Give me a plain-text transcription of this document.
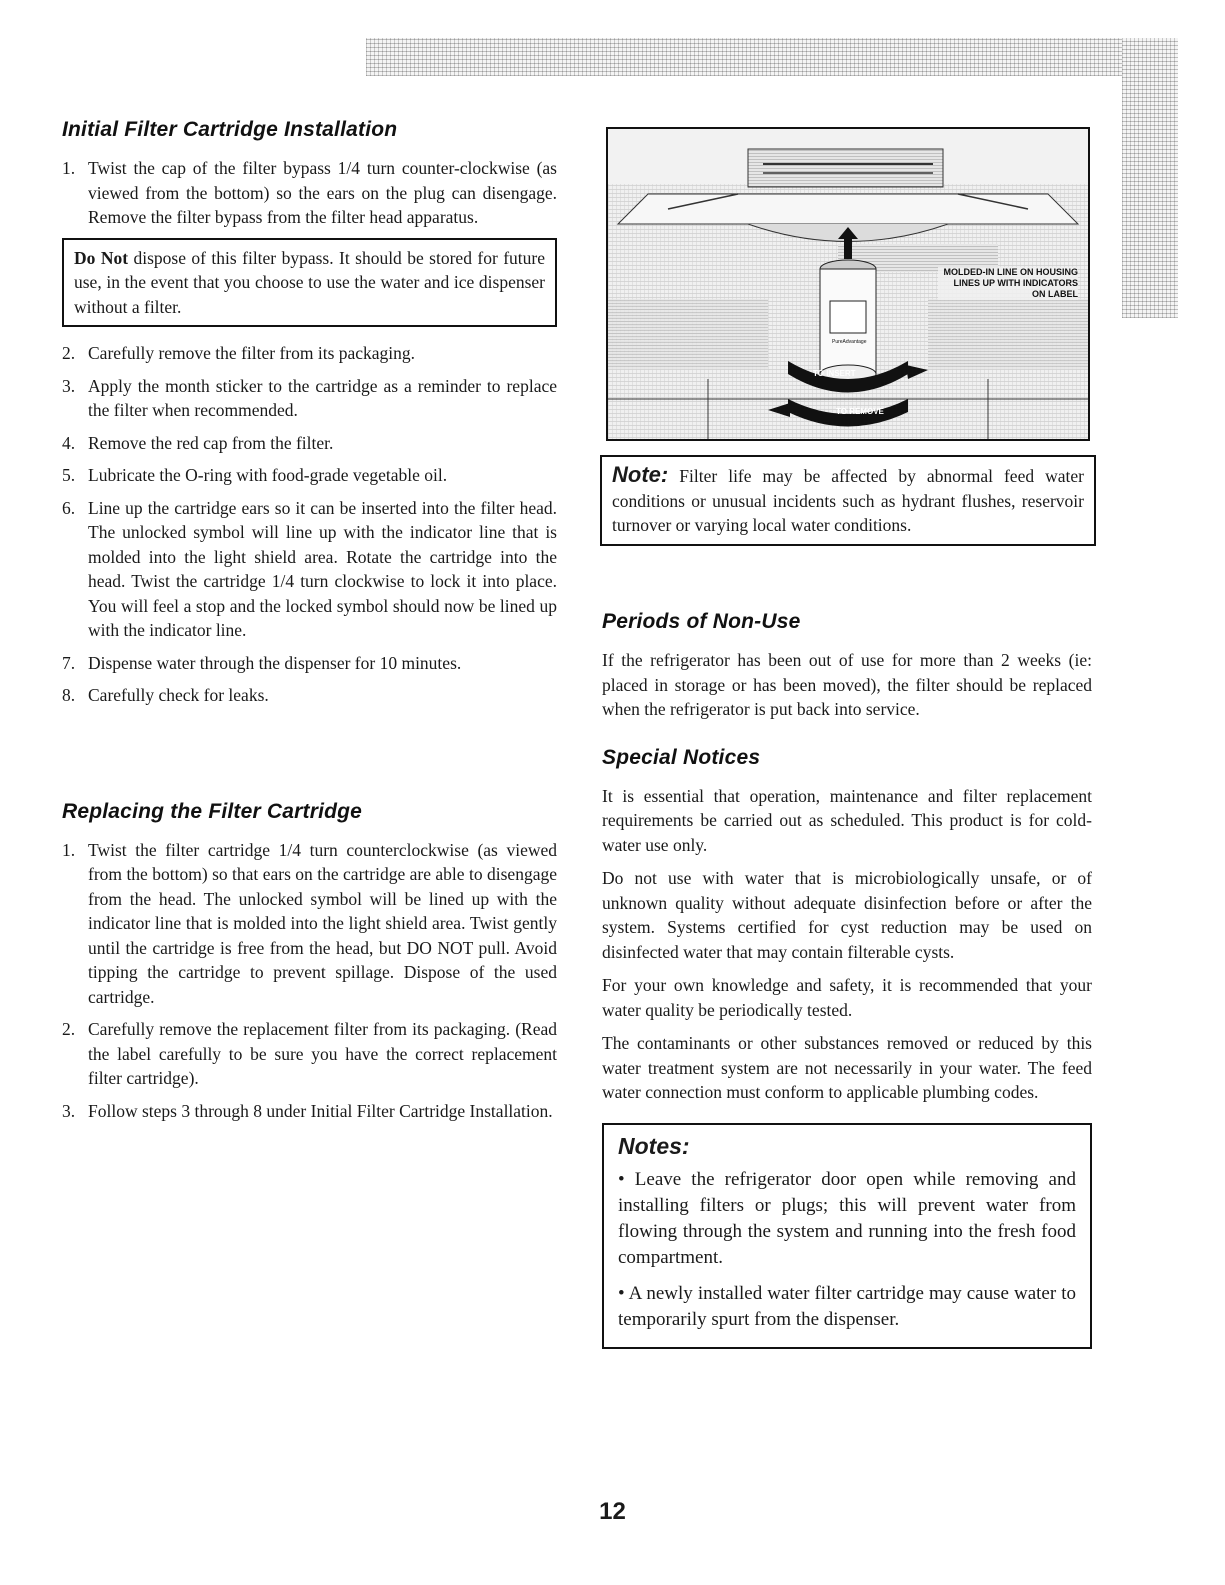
Initial Filter Cartridge Installation
1. Twist the cap of the filter bypass 1/4 turn counter-clockwise (as viewed from the bottom) so the ears on the plug can disengage. Remove the filter bypass from the filter head apparatus.
Do Not dispose of this filter bypass. It should be stored for future use, in the event that you choose to use the water and ice dispenser without a filter.
2. Carefully remove the filter from its packaging.
3. Apply the month sticker to the cartridge as a reminder to replace the filter when recommended.
4. Remove the red cap from the filter.
5. Lubricate the O-ring with food-grade vegetable oil.
6. Line up the cartridge ears so it can be inserted into the filter head. The unlocked symbol will line up with the indicator line that is molded into the light shield area. Rotate the cartridge into the head. Twist the cartridge 1/4 turn clockwise to lock it into place. You will feel a stop and the locked symbol should now be lined up with the indicator line.
7. Dispense water through the dispenser for 10 minutes.
8. Carefully check for leaks.
Replacing the Filter Cartridge
1. Twist the filter cartridge 1/4 turn counterclockwise (as viewed from the bottom) so that ears on the cartridge are able to disengage from the head. The unlocked symbol will be lined up with the indicator line that is molded into the light shield area. Twist gently until the cartridge is free from the head, but DO NOT pull. Avoid tipping the cartridge to prevent spillage. Dispose of the used cartridge.
2. Carefully remove the replacement filter from its packaging. (Read the label carefully to be sure you have the correct replacement filter cartridge).
3. Follow steps 3 through 8 under Initial Filter Cartridge Installation.
MOLDED-IN LINE ON HOUSING LINES UP WITH INDICATORS ON LABEL
TO INSERT
TO REMOVE
PureAdvantage
Note: Filter life may be affected by abnormal feed water conditions or unusual incidents such as hydrant flushes, reservoir turnover or varying local water conditions.
Periods of Non-Use

If the refrigerator has been out of use for more than 2 weeks (ie: placed in storage or has been moved), the filter should be replaced when the refrigerator is put back into service.

Special Notices

It is essential that operation, maintenance and filter replacement requirements be carried out as scheduled. This product is for cold-water use only.

Do not use with water that is microbiologically unsafe, or of unknown quality without adequate disinfection before or after the system. Systems certified for cyst reduction may be used on disinfected water that may contain filterable cysts.

For your own knowledge and safety, it is recommended that your water quality be periodically tested.

The contaminants or other substances removed or reduced by this water treatment system are not necessarily in your water. The feed water connection must conform to applicable plumbing codes.

Notes:
• Leave the refrigerator door open while removing and installing filters or plugs; this will prevent water from flowing through the system and running into the fresh food compartment.
• A newly installed water filter cartridge may cause water to temporarily spurt from the dispenser.
12
